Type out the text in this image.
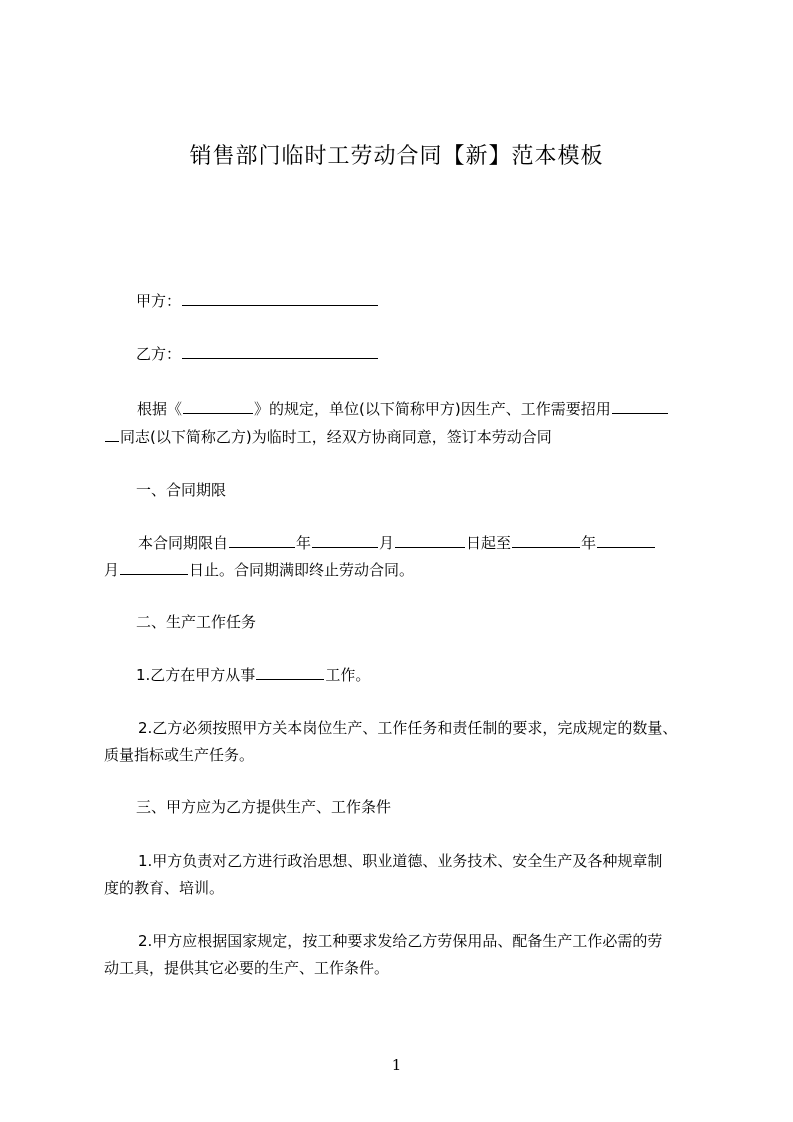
销售部门临时工劳动合同【新】范本模板
甲方：
乙方：
根据《	》的规定，单位(以下简称甲方)因生产、工作需要招用
同志(以下简称乙方)为临时工，经双方协商同意，签订本劳动合同
一、合同期限
本合同期限自	年	月	日起至	年
月	日止。合同期满即终止劳动合同。
二、生产工作任务
1.乙方在甲方从事	工作。
2.乙方必须按照甲方关本岗位生产、工作任务和责任制的要求，完成规定的数量、
质量指标或生产任务。
三、甲方应为乙方提供生产、工作条件
1.甲方负责对乙方进行政治思想、职业道德、业务技术、安全生产及各种规章制
度的教育、培训。
2.甲方应根据国家规定，按工种要求发给乙方劳保用品、配备生产工作必需的劳
动工具，提供其它必要的生产、工作条件。
1
